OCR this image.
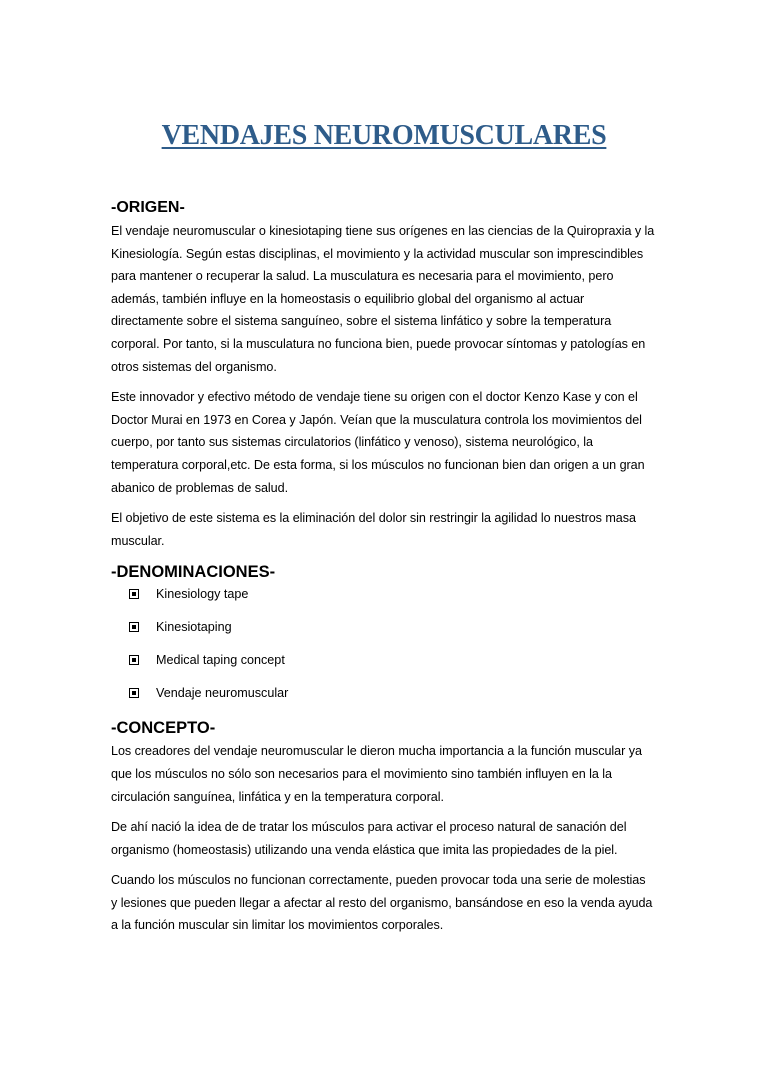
VENDAJES NEUROMUSCULARES
-ORIGEN-

El vendaje neuromuscular o kinesiotaping tiene sus orígenes en las ciencias de la Quiropraxia y la Kinesiología. Según estas disciplinas, el movimiento y la actividad muscular son imprescindibles para mantener o recuperar la salud. La musculatura es necesaria para el movimiento, pero además, también influye en la homeostasis o equilibrio global del organismo al actuar directamente sobre el sistema sanguíneo, sobre el sistema linfático y sobre la temperatura corporal. Por tanto, si la musculatura no funciona bien, puede provocar síntomas y patologías en otros sistemas del organismo.

Este innovador y efectivo método de vendaje tiene su origen con el doctor Kenzo Kase y con el Doctor Murai en 1973 en Corea y Japón. Veían que la musculatura controla los movimientos del cuerpo, por tanto sus sistemas circulatorios (linfático y venoso), sistema neurológico, la temperatura corporal,etc. De esta forma, si los músculos no funcionan bien dan origen a un gran abanico de problemas de salud.

El objetivo de este sistema es la eliminación del dolor sin restringir la agilidad lo nuestros masa muscular.

-DENOMINACIONES-
Kinesiology tape
Kinesiotaping
Medical taping concept
Vendaje neuromuscular
-CONCEPTO-

Los creadores del vendaje neuromuscular le dieron mucha importancia a la función muscular ya que los músculos no sólo son necesarios para el movimiento sino también influyen en la la circulación sanguínea, linfática y en la temperatura corporal.

De ahí nació la idea de de tratar los músculos para activar el proceso natural de sanación del organismo (homeostasis) utilizando una venda elástica que imita las propiedades de la piel.

Cuando los músculos no funcionan correctamente, pueden provocar toda una serie de molestias y lesiones que pueden llegar a afectar al resto del organismo, bansándose en eso la venda ayuda a la función muscular sin limitar los movimientos corporales.
